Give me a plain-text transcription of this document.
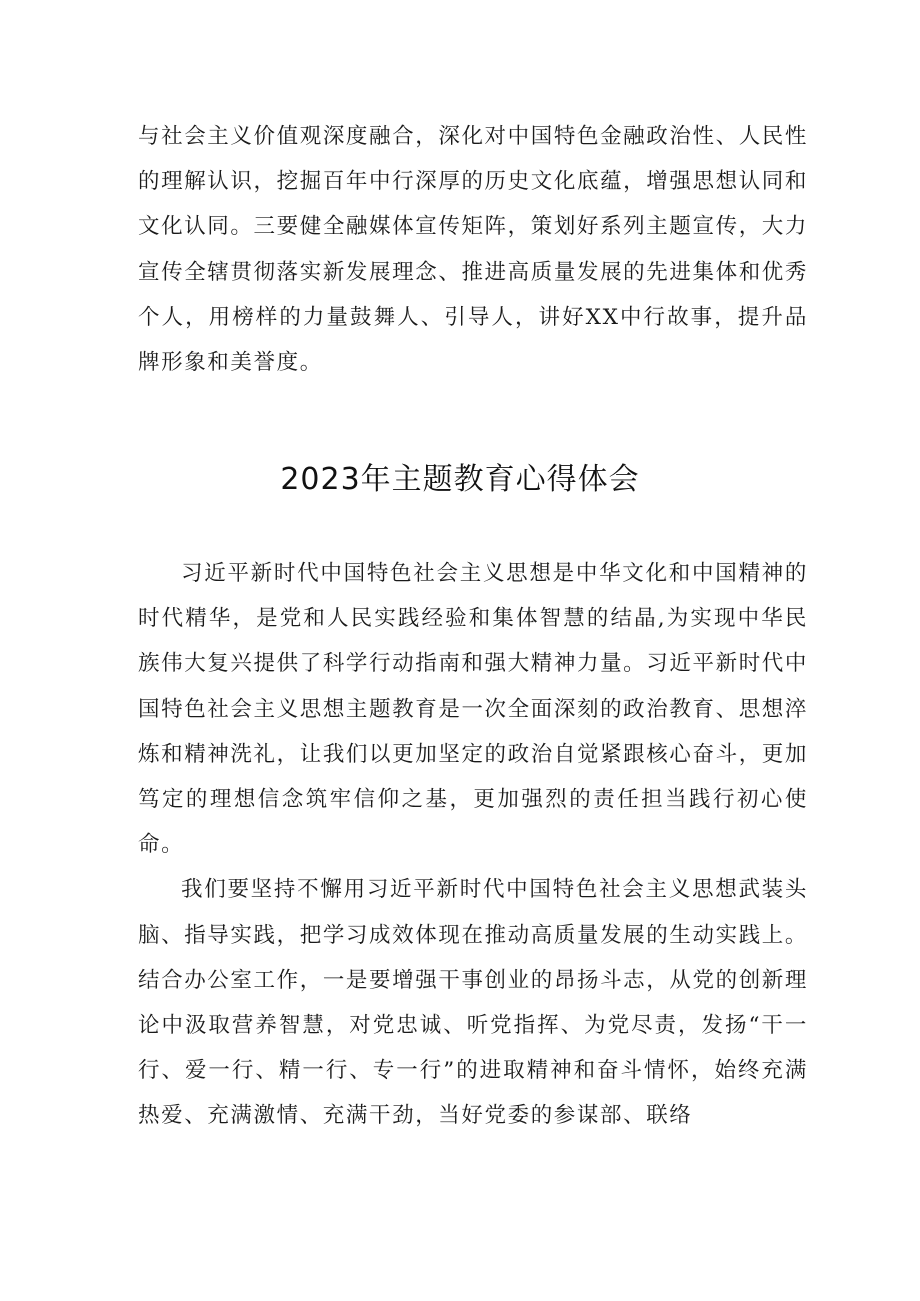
与社会主义价值观深度融合，深化对中国特色金融政治性、人民性的理解认识，挖掘百年中行深厚的历史文化底蕴，增强思想认同和文化认同。三要健全融媒体宣传矩阵，策划好系列主题宣传，大力宣传全辖贯彻落实新发展理念、推进高质量发展的先进集体和优秀个人，用榜样的力量鼓舞人、引导人，讲好XX中行故事，提升品牌形象和美誉度。

2023年主题教育心得体会

习近平新时代中国特色社会主义思想是中华文化和中国精神的时代精华，是党和人民实践经验和集体智慧的结晶,为实现中华民族伟大复兴提供了科学行动指南和强大精神力量。习近平新时代中国特色社会主义思想主题教育是一次全面深刻的政治教育、思想淬炼和精神洗礼，让我们以更加坚定的政治自觉紧跟核心奋斗，更加笃定的理想信念筑牢信仰之基，更加强烈的责任担当践行初心使命。

我们要坚持不懈用习近平新时代中国特色社会主义思想武装头脑、指导实践，把学习成效体现在推动高质量发展的生动实践上。结合办公室工作，一是要增强干事创业的昂扬斗志，从党的创新理论中汲取营养智慧，对党忠诚、听党指挥、为党尽责，发扬“干一行、爱一行、精一行、专一行”的进取精神和奋斗情怀，始终充满热爱、充满激情、充满干劲，当好党委的参谋部、联络
